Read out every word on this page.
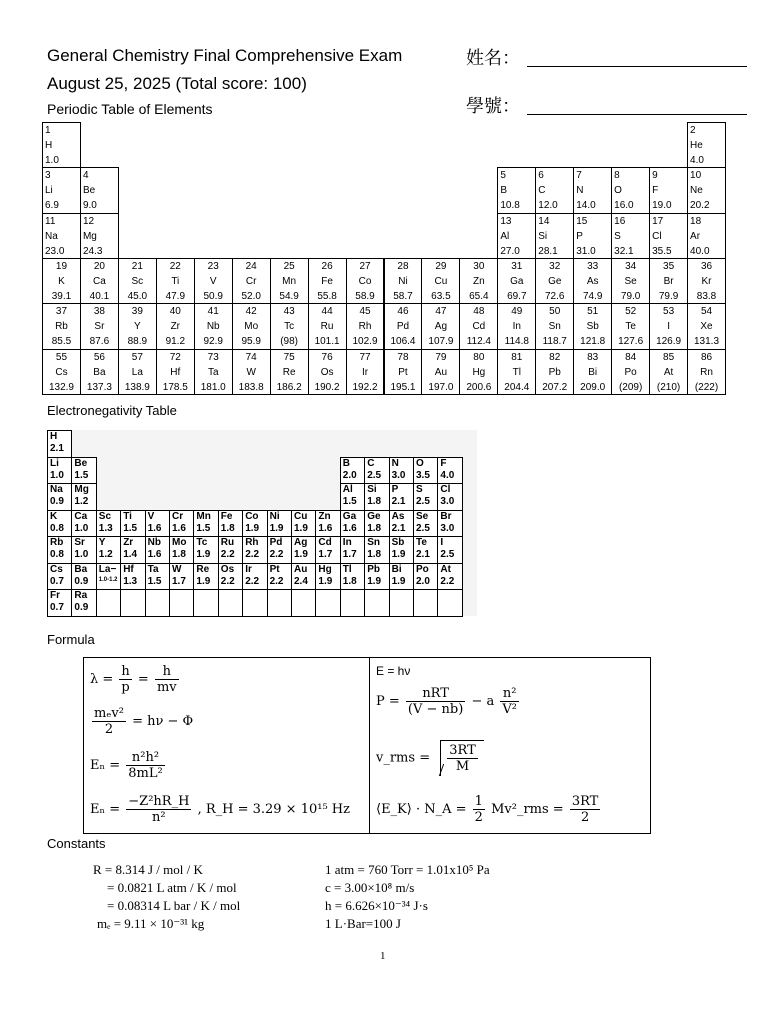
General Chemistry Final Comprehensive Exam
August 25, 2025 (Total score: 100)
姓名：
學號：
Periodic Table of Elements
1
H
1.0
2
He
4.0
3
Li
6.9
4
Be
9.0
5
B
10.8
6
C
12.0
7
N
14.0
8
O
16.0
9
F
19.0
10
Ne
20.2
11
Na
23.0
12
Mg
24.3
13
Al
27.0
14
Si
28.1
15
P
31.0
16
S
32.1
17
Cl
35.5
18
Ar
40.0
19
K
39.1
20
Ca
40.1
21
Sc
45.0
22
Ti
47.9
23
V
50.9
24
Cr
52.0
25
Mn
54.9
26
Fe
55.8
27
Co
58.9
28
Ni
58.7
29
Cu
63.5
30
Zn
65.4
31
Ga
69.7
32
Ge
72.6
33
As
74.9
34
Se
79.0
35
Br
79.9
36
Kr
83.8
37
Rb
85.5
38
Sr
87.6
39
Y
88.9
40
Zr
91.2
41
Nb
92.9
42
Mo
95.9
43
Tc
(98)
44
Ru
101.1
45
Rh
102.9
46
Pd
106.4
47
Ag
107.9
48
Cd
112.4
49
In
114.8
50
Sn
118.7
51
Sb
121.8
52
Te
127.6
53
I
126.9
54
Xe
131.3
55
Cs
132.9
56
Ba
137.3
57
La
138.9
72
Hf
178.5
73
Ta
181.0
74
W
183.8
75
Re
186.2
76
Os
190.2
77
Ir
192.2
78
Pt
195.1
79
Au
197.0
80
Hg
200.6
81
Tl
204.4
82
Pb
207.2
83
Bi
209.0
84
Po
(209)
85
At
(210)
86
Rn
(222)
Electronegativity Table
H
2.1
Li
1.0
Be
1.5
B
2.0
C
2.5
N
3.0
O
3.5
F
4.0
Na
0.9
Mg
1.2
Al
1.5
Si
1.8
P
2.1
S
2.5
Cl
3.0
K
0.8
Ca
1.0
Sc
1.3
Ti
1.5
V
1.6
Cr
1.6
Mn
1.5
Fe
1.8
Co
1.9
Ni
1.9
Cu
1.9
Zn
1.6
Ga
1.6
Ge
1.8
As
2.1
Se
2.5
Br
3.0
Rb
0.8
Sr
1.0
Y
1.2
Zr
1.4
Nb
1.6
Mo
1.8
Tc
1.9
Ru
2.2
Rh
2.2
Pd
2.2
Ag
1.9
Cd
1.7
In
1.7
Sn
1.8
Sb
1.9
Te
2.1
I
2.5
Cs
0.7
Ba
0.9
La−
1.0-1.2
Hf
1.3
Ta
1.5
W
1.7
Re
1.9
Os
2.2
Ir
2.2
Pt
2.2
Au
2.4
Hg
1.9
Tl
1.8
Pb
1.9
Bi
1.9
Po
2.0
At
2.2
Fr
0.7
Ra
0.9
Formula
$\lambda = \frac{h}{p} = \frac{h}{mv}$
$\frac{\text{mₑv²}}{2} = h\nu - \Phi$
$E_n = \frac{\text{n²h²}}{\text{8mL²}}$
$E_n = \frac{\text{−Z²hR\_H}}{\text{n²}}$ , R_H = 3.29 × 10¹⁵ Hz
E = hν
$P = \frac{\text{nRT}}{(V - nb)} - a \frac{\text{n²}}{\text{V²}}$
v_rms = $\frac{3RT}{M}$
⟨E_K⟩ · N_A = $\frac{1}{2}$ Mv²_rms = $\frac{3RT}{2}$
Constants
R = 8.314 J / mol / K
= 0.0821 L atm / K / mol
= 0.08314 L bar / K / mol
mₑ = 9.11 × 10⁻³¹ kg
1 atm = 760 Torr = 1.01x10⁵ Pa
c = 3.00×10⁸ m/s
h = 6.626×10⁻³⁴ J·s
1 L·Bar=100 J
1
